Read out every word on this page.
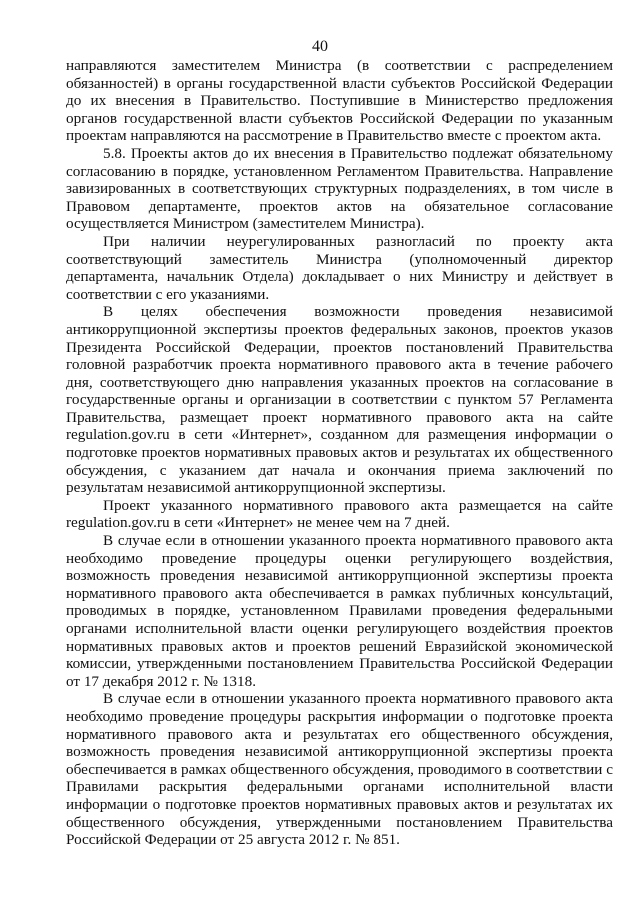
40

направляются заместителем Министра (в соответствии с распределением обязанностей) в органы государственной власти субъектов Российской Федерации до их внесения в Правительство. Поступившие в Министерство предложения органов государственной власти субъектов Российской Федерации по указанным проектам направляются на рассмотрение в Правительство вместе с проектом акта.

5.8. Проекты актов до их внесения в Правительство подлежат обязательному согласованию в порядке, установленном Регламентом Правительства. Направление завизированных в соответствующих структурных подразделениях, в том числе в Правовом департаменте, проектов актов на обязательное согласование осуществляется Министром (заместителем Министра).

При наличии неурегулированных разногласий по проекту акта соответствующий заместитель Министра (уполномоченный директор департамента, начальник Отдела) докладывает о них Министру и действует в соответствии с его указаниями.

В целях обеспечения возможности проведения независимой антикоррупционной экспертизы проектов федеральных законов, проектов указов Президента Российской Федерации, проектов постановлений Правительства головной разработчик проекта нормативного правового акта в течение рабочего дня, соответствующего дню направления указанных проектов на согласование в государственные органы и организации в соответствии с пунктом 57 Регламента Правительства, размещает проект нормативного правового акта на сайте regulation.gov.ru в сети «Интернет», созданном для размещения информации о подготовке проектов нормативных правовых актов и результатах их общественного обсуждения, с указанием дат начала и окончания приема заключений по результатам независимой антикоррупционной экспертизы.

Проект указанного нормативного правового акта размещается на сайте regulation.gov.ru в сети «Интернет» не менее чем на 7 дней.

В случае если в отношении указанного проекта нормативного правового акта необходимо проведение процедуры оценки регулирующего воздействия, возможность проведения независимой антикоррупционной экспертизы проекта нормативного правового акта обеспечивается в рамках публичных консультаций, проводимых в порядке, установленном Правилами проведения федеральными органами исполнительной власти оценки регулирующего воздействия проектов нормативных правовых актов и проектов решений Евразийской экономической комиссии, утвержденными постановлением Правительства Российской Федерации от 17 декабря 2012 г. № 1318.

В случае если в отношении указанного проекта нормативного правового акта необходимо проведение процедуры раскрытия информации о подготовке проекта нормативного правового акта и результатах его общественного обсуждения, возможность проведения независимой антикоррупционной экспертизы проекта обеспечивается в рамках общественного обсуждения, проводимого в соответствии с Правилами раскрытия федеральными органами исполнительной власти информации о подготовке проектов нормативных правовых актов и результатах их общественного обсуждения, утвержденными постановлением Правительства Российской Федерации от 25 августа 2012 г. № 851.
